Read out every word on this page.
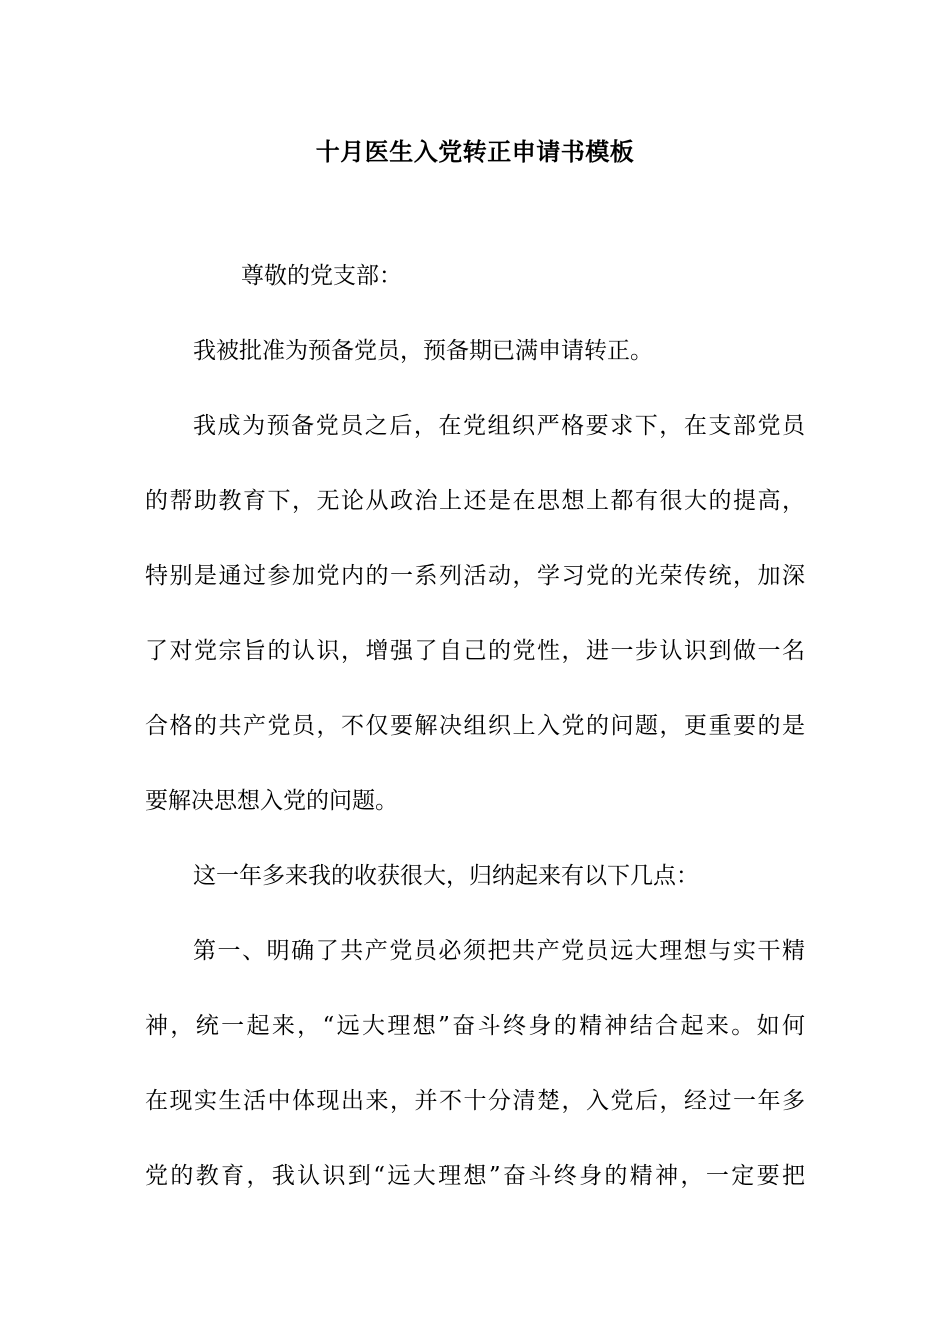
十月医生入党转正申请书模板
尊敬的党支部：
我被批准为预备党员，预备期已满申请转正。
我成为预备党员之后，在党组织严格要求下，在支部党员
的帮助教育下，无论从政治上还是在思想上都有很大的提高，
特别是通过参加党内的一系列活动，学习党的光荣传统，加深
了对党宗旨的认识，增强了自己的党性，进一步认识到做一名
合格的共产党员，不仅要解决组织上入党的问题，更重要的是
要解决思想入党的问题。
这一年多来我的收获很大，归纳起来有以下几点：
第一、明确了共产党员必须把共产党员远大理想与实干精
神，统一起来，“远大理想”奋斗终身的精神结合起来。如何
在现实生活中体现出来，并不十分清楚，入党后，经过一年多
党的教育，我认识到“远大理想”奋斗终身的精神，一定要把
